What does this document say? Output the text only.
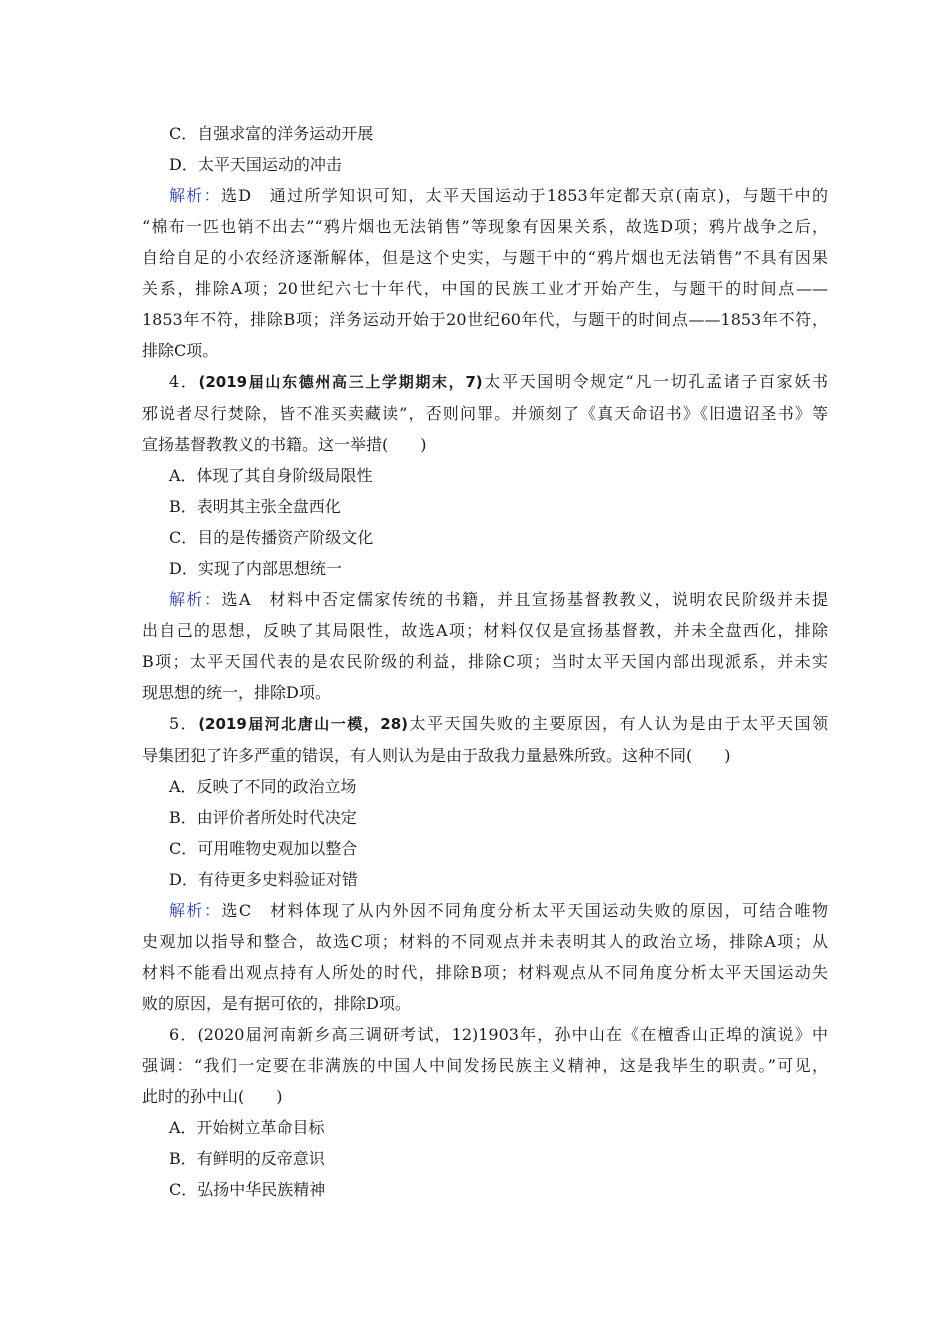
C．自强求富的洋务运动开展
D．太平天国运动的冲击
解析：选D　通过所学知识可知，太平天国运动于1853年定都天京(南京)，与题干中的
“棉布一匹也销不出去”“鸦片烟也无法销售”等现象有因果关系，故选D项；鸦片战争之后，
自给自足的小农经济逐渐解体，但是这个史实，与题干中的“鸦片烟也无法销售”不具有因果
关系，排除A项；20世纪六七十年代，中国的民族工业才开始产生，与题干的时间点——
1853年不符，排除B项；洋务运动开始于20世纪60年代，与题干的时间点——1853年不符，
排除C项。
4．(2019届山东德州高三上学期期末，7)太平天国明令规定“凡一切孔孟诸子百家妖书
邪说者尽行焚除，皆不准买卖藏读”，否则问罪。并颁刻了《真天命诏书》《旧遗诏圣书》等
宣扬基督教教义的书籍。这一举措(　　)
A．体现了其自身阶级局限性
B．表明其主张全盘西化
C．目的是传播资产阶级文化
D．实现了内部思想统一
解析：选A　材料中否定儒家传统的书籍，并且宣扬基督教教义，说明农民阶级并未提
出自己的思想，反映了其局限性，故选A项；材料仅仅是宣扬基督教，并未全盘西化，排除
B项；太平天国代表的是农民阶级的利益，排除C项；当时太平天国内部出现派系，并未实
现思想的统一，排除D项。
5．(2019届河北唐山一模，28)太平天国失败的主要原因，有人认为是由于太平天国领
导集团犯了许多严重的错误，有人则认为是由于敌我力量悬殊所致。这种不同(　　)
A．反映了不同的政治立场
B．由评价者所处时代决定
C．可用唯物史观加以整合
D．有待更多史料验证对错
解析：选C　材料体现了从内外因不同角度分析太平天国运动失败的原因，可结合唯物
史观加以指导和整合，故选C项；材料的不同观点并未表明其人的政治立场，排除A项；从
材料不能看出观点持有人所处的时代，排除B项；材料观点从不同角度分析太平天国运动失
败的原因，是有据可依的，排除D项。
6．(2020届河南新乡高三调研考试，12)1903年，孙中山在《在檀香山正埠的演说》中
强调：“我们一定要在非满族的中国人中间发扬民族主义精神，这是我毕生的职责。”可见，
此时的孙中山(　　)
A．开始树立革命目标
B．有鲜明的反帝意识
C．弘扬中华民族精神
